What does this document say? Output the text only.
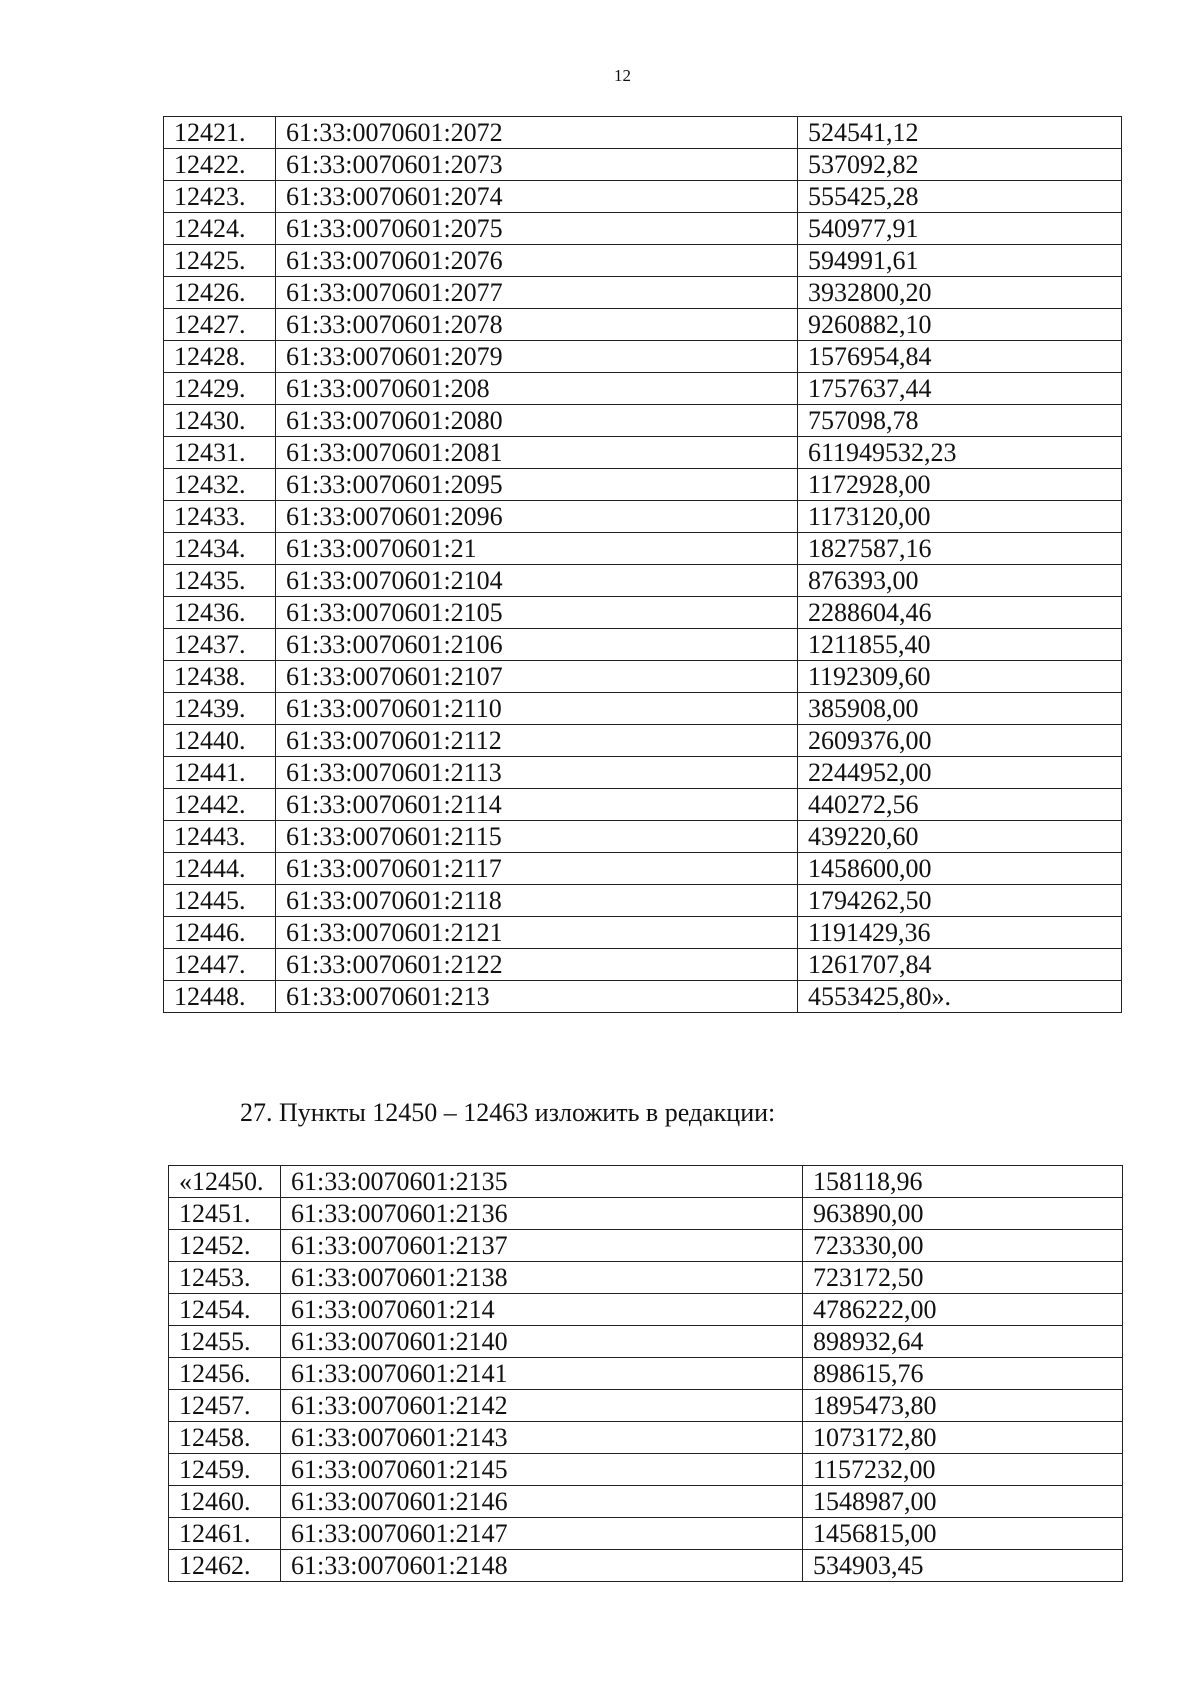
12
12421.	61:33:0070601:2072	524541,12
12422.	61:33:0070601:2073	537092,82
12423.	61:33:0070601:2074	555425,28
12424.	61:33:0070601:2075	540977,91
12425.	61:33:0070601:2076	594991,61
12426.	61:33:0070601:2077	3932800,20
12427.	61:33:0070601:2078	9260882,10
12428.	61:33:0070601:2079	1576954,84
12429.	61:33:0070601:208	1757637,44
12430.	61:33:0070601:2080	757098,78
12431.	61:33:0070601:2081	611949532,23
12432.	61:33:0070601:2095	1172928,00
12433.	61:33:0070601:2096	1173120,00
12434.	61:33:0070601:21	1827587,16
12435.	61:33:0070601:2104	876393,00
12436.	61:33:0070601:2105	2288604,46
12437.	61:33:0070601:2106	1211855,40
12438.	61:33:0070601:2107	1192309,60
12439.	61:33:0070601:2110	385908,00
12440.	61:33:0070601:2112	2609376,00
12441.	61:33:0070601:2113	2244952,00
12442.	61:33:0070601:2114	440272,56
12443.	61:33:0070601:2115	439220,60
12444.	61:33:0070601:2117	1458600,00
12445.	61:33:0070601:2118	1794262,50
12446.	61:33:0070601:2121	1191429,36
12447.	61:33:0070601:2122	1261707,84
12448.	61:33:0070601:213	4553425,80».
27. Пункты 12450 – 12463 изложить в редакции:
«12450.	61:33:0070601:2135	158118,96
12451.	61:33:0070601:2136	963890,00
12452.	61:33:0070601:2137	723330,00
12453.	61:33:0070601:2138	723172,50
12454.	61:33:0070601:214	4786222,00
12455.	61:33:0070601:2140	898932,64
12456.	61:33:0070601:2141	898615,76
12457.	61:33:0070601:2142	1895473,80
12458.	61:33:0070601:2143	1073172,80
12459.	61:33:0070601:2145	1157232,00
12460.	61:33:0070601:2146	1548987,00
12461.	61:33:0070601:2147	1456815,00
12462.	61:33:0070601:2148	534903,45
